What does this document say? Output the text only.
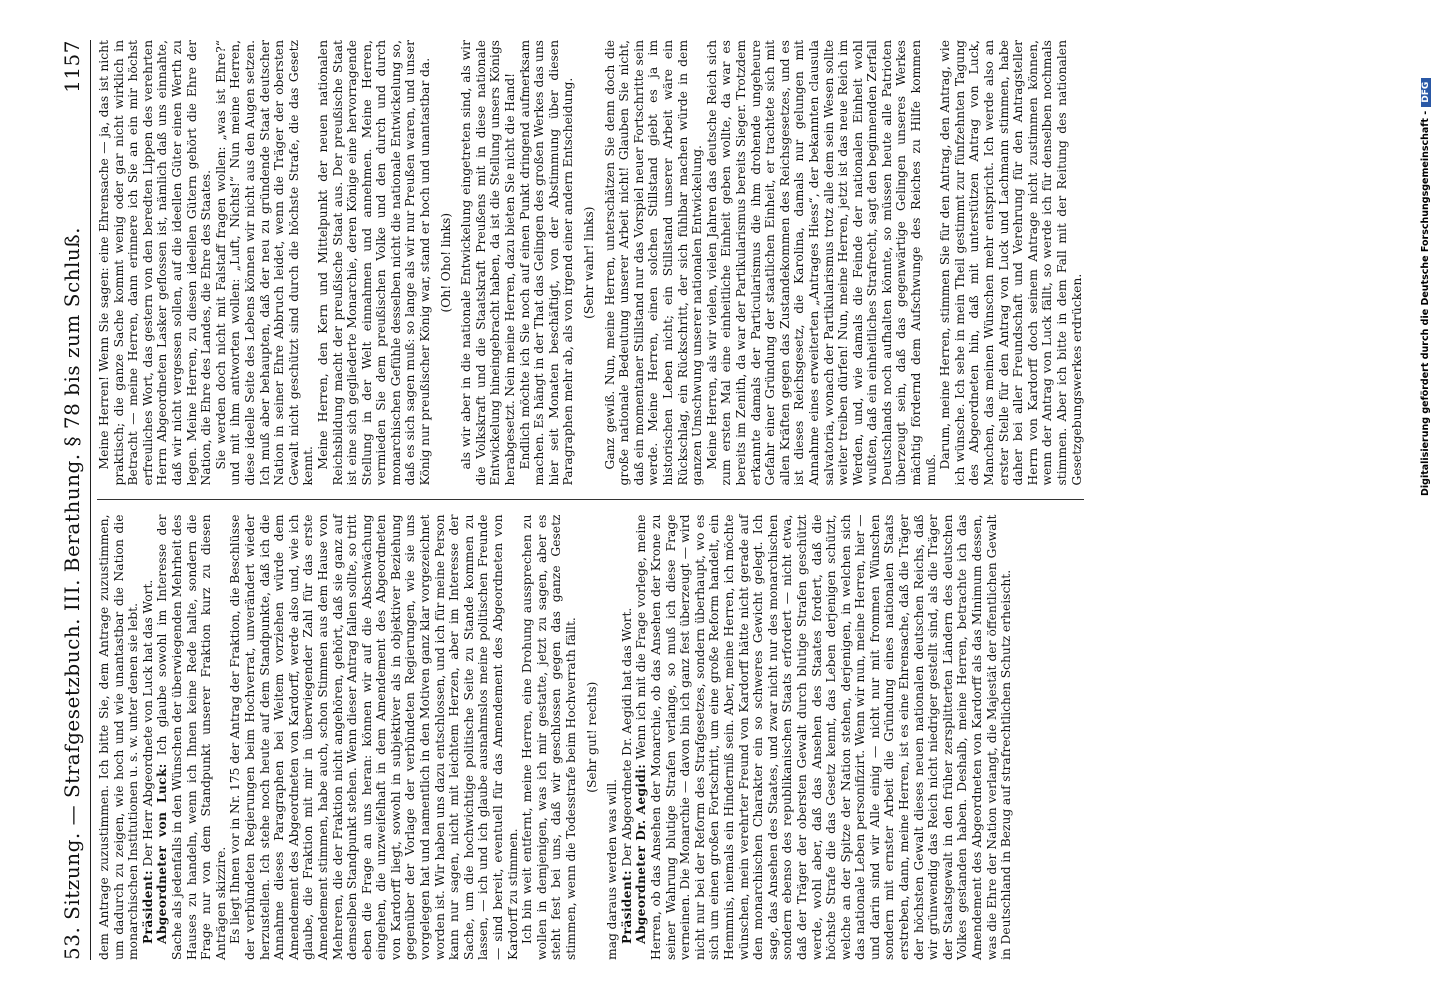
53. Sitzung. — Strafgesetzbuch. III. Berathung. § 78 bis zum Schluß.
1157

dem Antrage zuzustimmen. Ich bitte Sie, dem Antrage zuzustimmen, um dadurch zu zeigen, wie hoch und wie unantastbar die Nation die monarchischen Institutionen u. s. w. unter denen sie lebt. Präsident: Der Herr Abgeordnete von Luck hat das Wort. Abgeordneter von Luck: Ich glaube sowohl im Interesse der Sache als jedenfalls in den Wünschen der überwiegenden Mehrheit des Hauses zu handeln, wenn ich Ihnen keine Rede halte, sondern die Frage nur von dem Standpunkt unserer Fraktion kurz zu diesen Anträgen skizzire. Es liegt Ihnen vor in Nr. 175 der Antrag der Fraktion, die Beschlüsse der verbündeten Regierungen beim Hochverrat, unverändert wieder herzustellen. Ich stehe noch heute auf dem Standpunkte, daß ich die Annahme dieses Paragraphen bei Weitem vorziehen würde dem Amendement des Abgeordneten von Kardorff, werde also und, wie ich glaube, die Fraktion mit mir in überwiegender Zahl für das erste Amendement stimmen, habe auch, schon Stimmen aus dem Hause von Mehreren, die der Fraktion nicht angehören, gehört, daß sie ganz auf demselben Standpunkt stehen. Wenn dieser Antrag fallen sollte, so tritt eben die Frage an uns heran: können wir auf die Abschwächung eingehen, die unzweifelhaft in dem Amendement des Abgeordneten von Kardorff liegt, sowohl in subjektiver als in objektiver Beziehung gegenüber der Vorlage der verbündeten Regierungen, wie sie uns vorgelegen hat und namentlich in den Motiven ganz klar vorgezeichnet worden ist. Wir haben uns dazu entschlossen, und ich für meine Person kann nur sagen, nicht mit leichtem Herzen, aber im Interesse der Sache, um die hochwichtige politische Seite zu Stande kommen zu lassen, — ich und ich glaube ausnahmslos meine politischen Freunde — sind bereit, eventuell für das Amendement des Abgeordneten von Kardorff zu stimmen. Ich bin weit entfernt, meine Herren, eine Drohung aussprechen zu wollen in demjenigen, was ich mir gestatte, jetzt zu sagen, aber es steht fest bei uns, daß wir geschlossen gegen das ganze Gesetz stimmen, wenn die Todesstrafe beim Hochverrath fällt. (Sehr gut! rechts)

mag daraus werden was will. Präsident: Der Abgeordnete Dr. Aegidi hat das Wort. Abgeordneter Dr. Aegidi: Wenn ich mit die Frage vorlege, meine Herren, ob das Ansehen der Monarchie, ob das Ansehen der Krone zu seiner Wahrung blutige Strafen verlange, so muß ich diese Frage verneinen. Die Monarchie — davon bin ich ganz fest überzeugt — wird nicht nur bei der Reform des Strafgesetzes, sondern überhaupt, wo es sich um einen großen Fortschritt, um eine große Reform handelt, ein Hemmnis, niemals ein Hinderniß sein. Aber, meine Herren, ich möchte wünschen, mein verehrter Freund von Kardorff hätte nicht gerade auf den monarchischen Charakter ein so schweres Gewicht gelegt. Ich sage, das Ansehen des Staates, und zwar nicht nur des monarchischen sondern ebenso des republikanischen Staats erfordert — nicht etwa, daß der Träger der obersten Gewalt durch blutige Strafen geschützt werde, wohl aber, daß das Ansehen des Staates fordert, daß die höchste Strafe die das Gesetz kennt, das Leben derjenigen schützt, welche an der Spitze der Nation stehen, derjenigen, in welchen sich das nationale Leben personifizirt. Wenn wir nun, meine Herren, hier — und darin sind wir Alle einig — nicht nur mit frommen Wünschen sondern mit ernster Arbeit die Gründung eines nationalen Staats erstreben, dann, meine Herren, ist es eine Ehrensache, daß die Träger der höchsten Gewalt dieses neuen nationalen deutschen Reichs, daß wir grünwendig das Reich nicht niedriger gestellt sind, als die Träger der Staatsgewalt in den früher zersplitterten Ländern des deutschen Volkes gestanden haben. Deshalb, meine Herren, betrachte ich das Amendement des Abgeordneten von Kardorff als das Minimum dessen, was die Ehre der Nation verlangt, die Majestät der öffentlichen Gewalt in Deutschland in Bezug auf strafrechtlichen Schutz erheischt.

Meine Herren! Wenn Sie sagen: eine Ehrensache — ja, das ist nicht praktisch; die ganze Sache kommt wenig oder gar nicht wirklich in Betracht — meine Herren, dann erinnere ich Sie an ein mir höchst erfreuliches Wort, das gestern von den beredten Lippen des verehrten Herrn Abgeordneten Lasker geflossen ist, nämlich daß uns einnahte, daß wir nicht vergessen sollen, auf die ideellen Güter einen Werth zu legen. Meine Herren, zu diesen ideellen Gütern gehört die Ehre der Nation, die Ehre des Landes, die Ehre des Staates. Sie werden doch nicht mit Falstaff fragen wollen: „was ist Ehre?“ und mit ihm antworten wollen: „Luft, Nichts!“ Nun meine Herren, diese ideelle Seite des Lebens können wir nicht aus den Augen setzen. Ich muß aber behaupten, daß der neu zu gründende Staat deutscher Nation in seiner Ehre Abbruch leidet, wenn die Träger der obersten Gewalt nicht geschützt sind durch die höchste Strafe, die das Gesetz kennt. Meine Herren, den Kern und Mittelpunkt der neuen nationalen Reichsbildung macht der preußische Staat aus. Der preußische Staat ist eine sich gegliederte Monarchie, deren Könige eine hervorragende Stellung in der Welt einnahmen und annehmen. Meine Herren, vermieden Sie dem preußischen Volke und den durch und durch monarchischen Gefühle desselben nicht die nationale Entwickelung so, daß es sich sagen muß: so lange als wir nur Preußen waren, und unser König nur preußischer König war, stand er hoch und unantastbar da. (Oh! Oho! links) als wir aber in die nationale Entwickelung eingetreten sind, als wir die Volkskraft und die Staatskraft Preußens mit in diese nationale Entwickelung hineingebracht haben, da ist die Stellung unsers Königs herabgesetzt. Nein meine Herren, dazu bieten Sie nicht die Hand! Endlich möchte ich Sie noch auf einen Punkt dringend aufmerksam machen. Es hängt in der That das Gelingen des großen Werkes das uns hier seit Monaten beschäftigt, von der Abstimmung über diesen Paragraphen mehr ab, als von irgend einer andern Entscheidung. (Sehr wahr! links) Ganz gewiß. Nun, meine Herren, unterschätzen Sie denn doch die große nationale Bedeutung unserer Arbeit nicht! Glauben Sie nicht, daß ein momentaner Stillstand nur das Vorspiel neuer Fortschritte sein werde. Meine Herren, einen solchen Stillstand giebt es ja im historischen Leben nicht; ein Stillstand unserer Arbeit wäre ein Rückschlag, ein Rückschritt, der sich fühlbar machen würde in dem ganzen Umschwung unserer nationalen Entwickelung. Meine Herren, als wir vielen, vielen Jahren das deutsche Reich sich zum ersten Mal eine einheitliche Einheit geben wollte, da war es bereits im Zenith, da war der Partikularismus bereits Sieger. Trotzdem erkannte damals der Particularismus die ihm drohende ungeheure Gefahr einer Gründung der staatlichen Einheit, er trachtete sich mit allen Kräften gegen das Zustandekommen des Reichsgesetzes, und es ist dieses Reichsgesetz, die Karolina, damals nur gelungen mit Annahme eines erweiterten „Antrages Hiess“, der bekannten clausula salvatoria, wonach der Partikularismus trotz alle dem sein Wesen sollte weiter treiben dürfen! Nun, meine Herren, jetzt ist das neue Reich im Werden, und, wie damals die Feinde der nationalen Einheit wohl wußten, daß ein einheitliches Strafrecht, sagt den beginnenden Zerfall Deutschlands noch aufhalten könnte, so müssen heute alle Patrioten überzeugt sein, daß das gegenwärtige Gelingen unseres Werkes mächtig fördernd dem Aufschwunge des Reiches zu Hilfe kommen muß.

Darum, meine Herren, stimmen Sie für den Antrag, den Antrag, wie ich wünsche. Ich sehe in mein Theil gestimmt zur fünfzehnten Tagung des Abgeordneten hin, daß mit unterstützen Antrag von Luck, Manchen, das meinen Wünschen mehr entspricht. Ich werde also an erster Stelle für den Antrag von Luck und Lachmann stimmen, habe daher bei aller Freundschaft und Verehrung für den Antragsteller Herrn von Kardorff doch seinem Antrage nicht zustimmen können, wenn der Antrag von Luck fällt, so werde ich für denselben nochmals stimmen. Aber ich bitte in dem Fall mit der Reitung des nationalen Gesetzgebungswerkes erdrücken.	Digitalisierung gefördert durch die Deutsche Forschungsgemeinschaft -DFG
